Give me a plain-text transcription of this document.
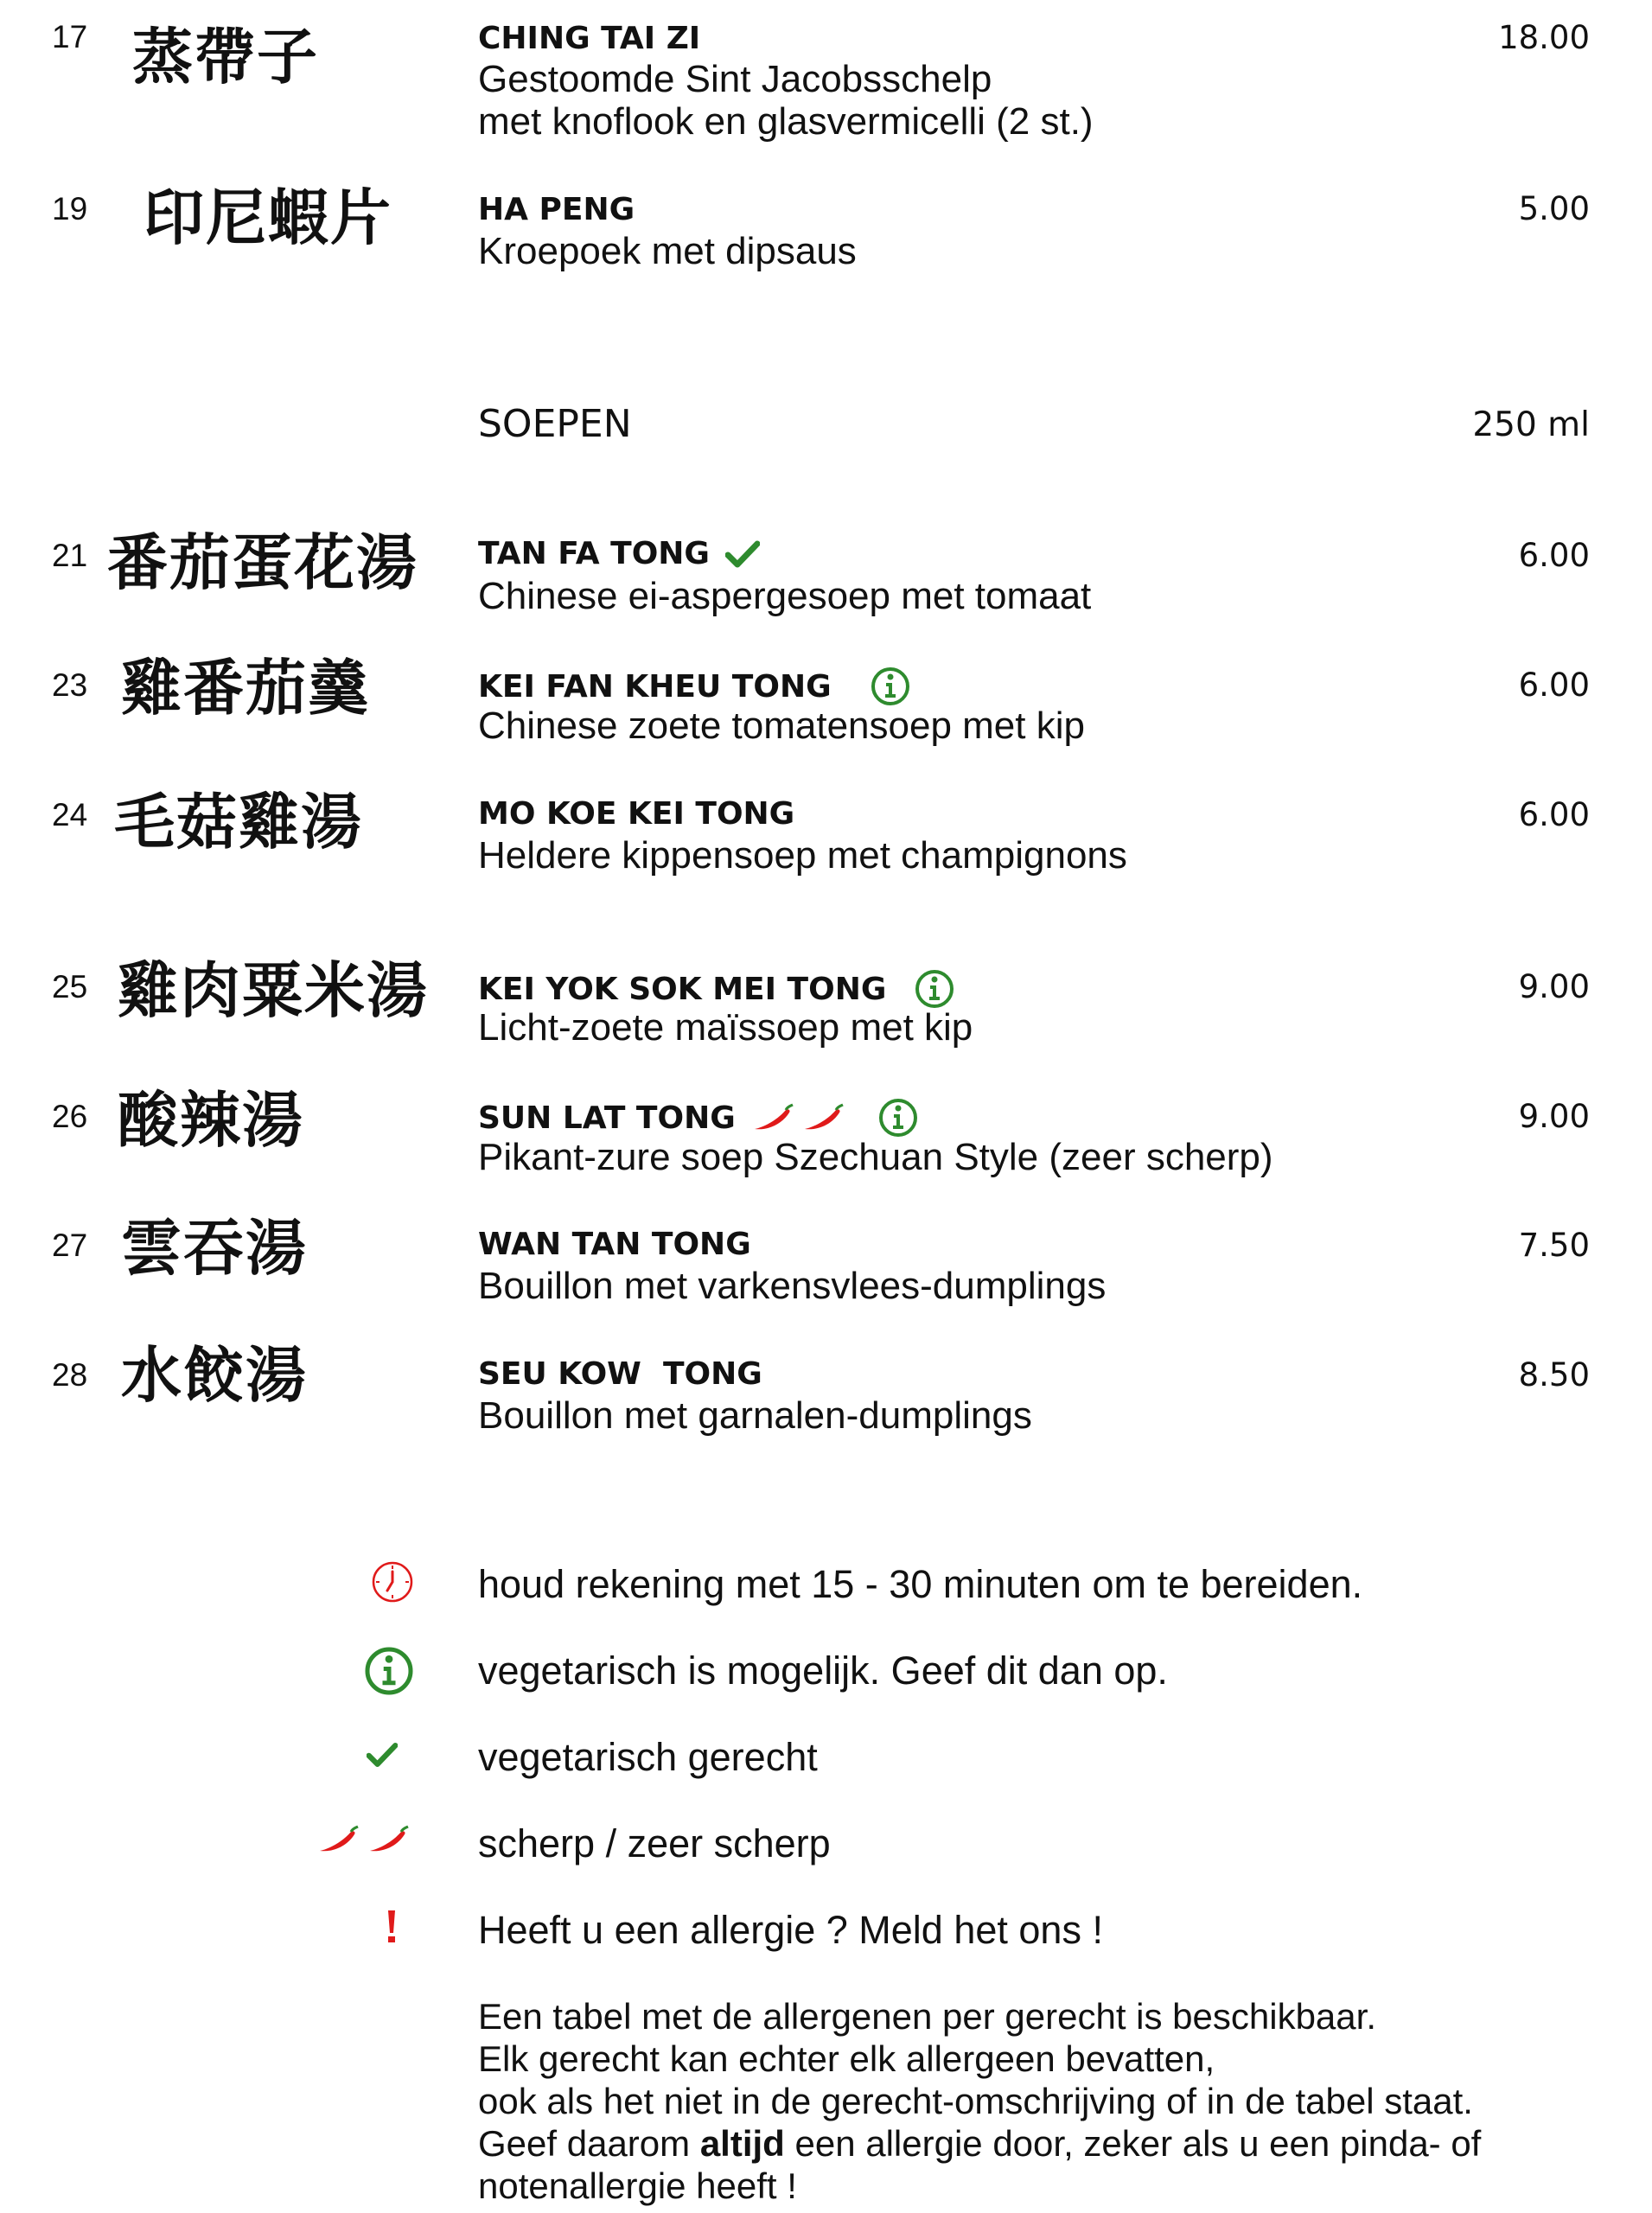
17 蒸帶子	CHING TAI ZI
Gestoomde Sint Jacobsschelp
met knoflook en glasvermicelli (2 st.)
18.00
19 印尼蝦片	HA PENG
Kroepoek met dipsaus
5.00
SOEPEN	250 ml
21 番茄蛋花湯 TAN FA TONG
Chinese ei-aspergesoep met tomaat
6.00
23 雞番茄羹	KEI FAN KHEU TONG
Chinese zoete tomatensoep met kip
6.00
24 毛菇雞湯	MO KOE KEI TONG
Heldere kippensoep met champignons
6.00
25 雞肉粟米湯 KEI YOK SOK MEI TONG
Licht-zoete maïssoep met kip
9.00
26 酸辣湯	SUN LAT TONG
Pikant-zure soep Szechuan Style (zeer scherp)
9.00
27 雲吞湯	WAN TAN TONG
Bouillon met varkensvlees-dumplings
7.50
28 水餃湯	SEU KOW  TONG
Bouillon met garnalen-dumplings
8.50
houd rekening met 15 - 30 minuten om te bereiden.
vegetarisch is mogelijk. Geef dit dan op.
vegetarisch gerecht
scherp / zeer scherp
Heeft u een allergie ? Meld het ons !
Een tabel met de allergenen per gerecht is beschikbaar.
Elk gerecht kan echter elk allergeen bevatten,
ook als het niet in de gerecht-omschrijving of in de tabel staat.
Geef daarom altijd een allergie door, zeker als u een pinda- of
notenallergie heeft !
